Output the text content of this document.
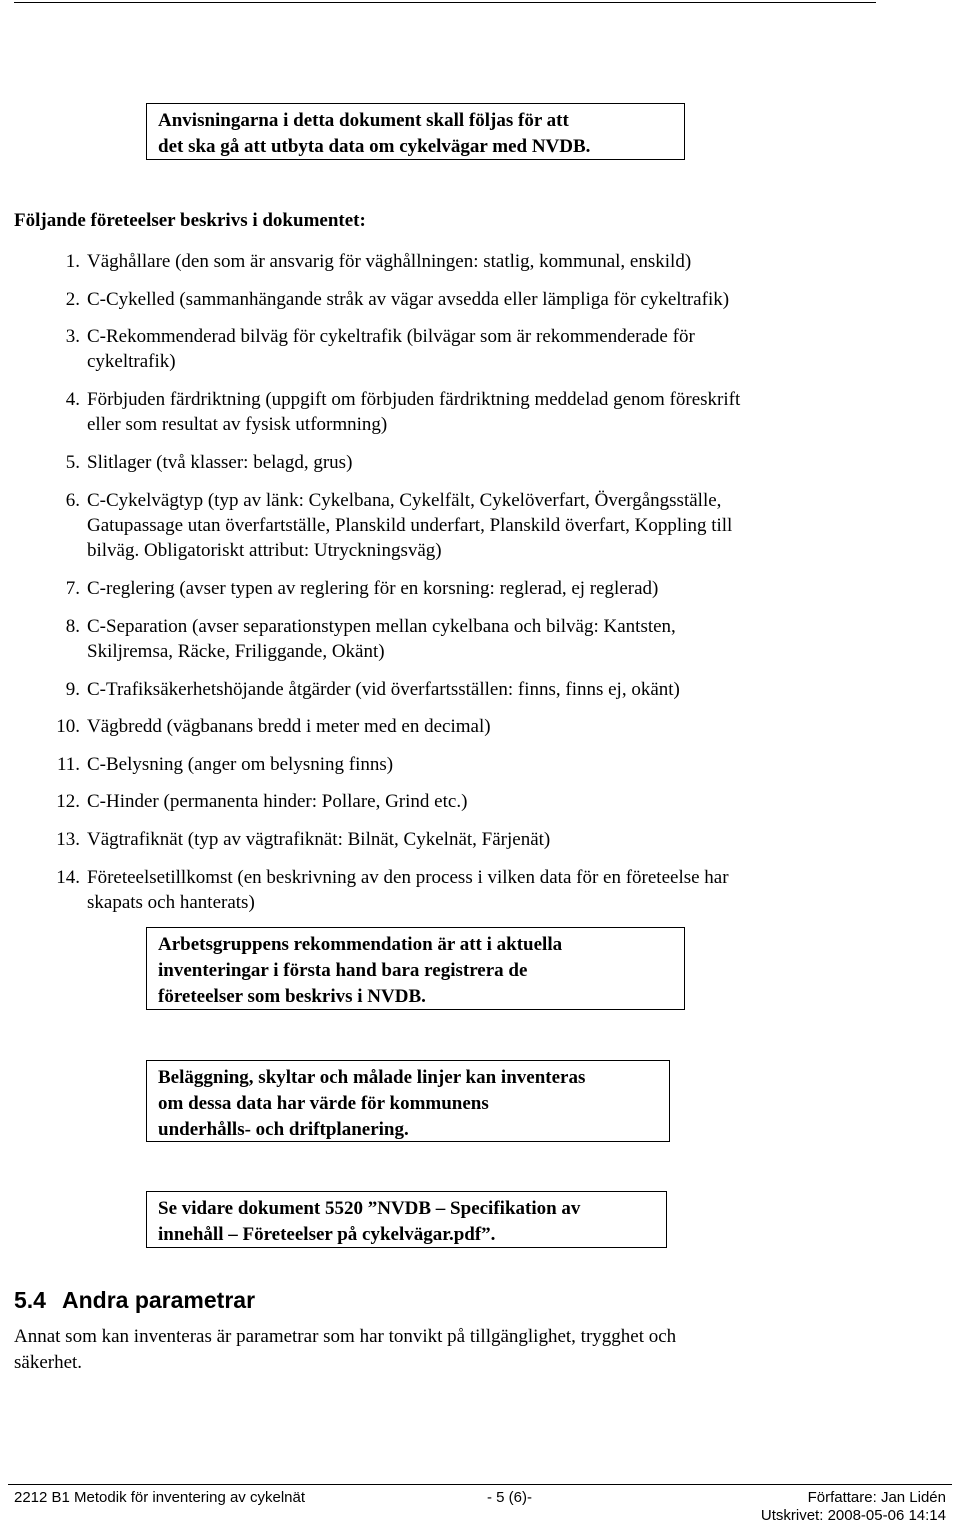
Anvisningarna i detta dokument skall följas för att
det ska gå att utbyta data om cykelvägar med NVDB.
Följande företeelser beskrivs i dokumentet:
1. Väghållare (den som är ansvarig för väghållningen: statlig, kommunal, enskild)
2. C-Cykelled (sammanhängande stråk av vägar avsedda eller lämpliga för cykeltrafik)
3. C-Rekommenderad bilväg för cykeltrafik (bilvägar som är rekommenderade för
cykeltrafik)
4. Förbjuden färdriktning (uppgift om förbjuden färdriktning meddelad genom föreskrift
eller som resultat av fysisk utformning)
5. Slitlager (två klasser: belagd, grus)
6. C-Cykelvägtyp (typ av länk: Cykelbana, Cykelfält, Cykelöverfart, Övergångsställe,
Gatupassage utan överfartställe, Planskild underfart, Planskild överfart, Koppling till
bilväg. Obligatoriskt attribut: Utryckningsväg)
7. C-reglering (avser typen av reglering för en korsning: reglerad, ej reglerad)
8. C-Separation (avser separationstypen mellan cykelbana och bilväg: Kantsten,
Skiljremsa, Räcke, Friliggande, Okänt)
9. C-Trafiksäkerhetshöjande åtgärder (vid överfartsställen: finns, finns ej, okänt)
10. Vägbredd (vägbanans bredd i meter med en decimal)
11. C-Belysning (anger om belysning finns)
12. C-Hinder (permanenta hinder: Pollare, Grind etc.)
13. Vägtrafiknät (typ av vägtrafiknät: Bilnät, Cykelnät, Färjenät)
14. Företeelsetillkomst (en beskrivning av den process i vilken data för en företeelse har
skapats och hanterats)
Arbetsgruppens rekommendation är att i aktuella
inventeringar i första hand bara registrera de
företeelser som beskrivs i NVDB.
Beläggning, skyltar och målade linjer kan inventeras
om dessa data har värde för kommunens
underhålls- och driftplanering.
Se vidare dokument 5520 ”NVDB – Specifikation av
innehåll – Företeelser på cykelvägar.pdf”.
5.4 Andra parametrar
Annat som kan inventeras är parametrar som har tonvikt på tillgänglighet, trygghet och
säkerhet.
2212 B1 Metodik för inventering av cykelnät	- 5 (6)-	Författare: Jan Lidén
Utskrivet: 2008-05-06 14:14
